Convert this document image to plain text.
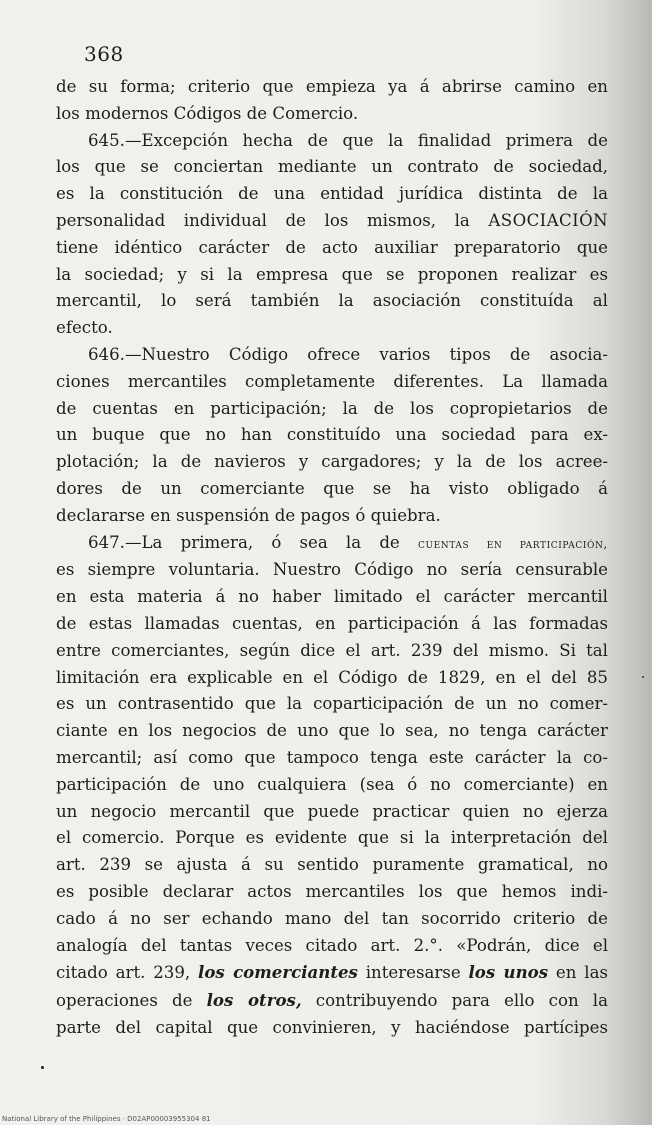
368
de su forma; criterio que empieza ya á abrirse camino en
los modernos Códigos de Comercio.
645.—Excepción hecha de que la finalidad primera de
los que se conciertan mediante un contrato de sociedad,
es la constitución de una entidad jurídica distinta de la
personalidad individual de los mismos, la ASOCIACIÓN
tiene idéntico carácter de acto auxiliar preparatorio que
la sociedad; y si la empresa que se proponen realizar es
mercantil, lo será también la asociación constituída al
efecto.
646.—Nuestro Código ofrece varios tipos de asocia-
ciones mercantiles completamente diferentes. La llamada
de cuentas en participación; la de los copropietarios de
un buque que no han constituído una sociedad para ex-
plotación; la de navieros y cargadores; y la de los acree-
dores de un comerciante que se ha visto obligado á
declararse en suspensión de pagos ó quiebra.
647.—La primera, ó sea la de cuentas en participación,
es siempre voluntaria. Nuestro Código no sería censurable
en esta materia á no haber limitado el carácter mercantil
de estas llamadas cuentas, en participación á las formadas
entre comerciantes, según dice el art. 239 del mismo. Si tal
limitación era explicable en el Código de 1829, en el del 85
es un contrasentido que la coparticipación de un no comer-
ciante en los negocios de uno que lo sea, no tenga carácter
mercantil; así como que tampoco tenga este carácter la co-
participación de uno cualquiera (sea ó no comerciante) en
un negocio mercantil que puede practicar quien no ejerza
el comercio. Porque es evidente que si la interpretación del
art. 239 se ajusta á su sentido puramente gramatical, no
es posible declarar actos mercantiles los que hemos indi-
cado á no ser echando mano del tan socorrido criterio de
analogía del tantas veces citado art. 2.°. «Podrán, dice el
citado art. 239, los comerciantes interesarse los unos en las
operaciones de los otros, contribuyendo para ello con la
parte del capital que convinieren, y haciéndose partícipes
National Library of the Philippines · D02AP00003955304 81
